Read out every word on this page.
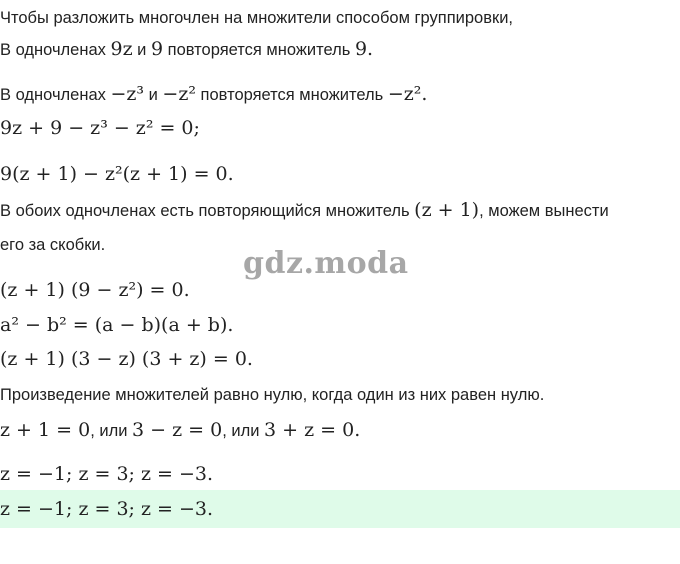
Чтобы разложить многочлен на множители способом группировки,
В одночленах 9z и 9 повторяется множитель 9.
В одночленах −z³ и −z² повторяется множитель −z².
9z + 9 − z³ − z² = 0;
9(z + 1) − z²(z + 1) = 0.
В обоих одночленах есть повторяющийся множитель (z + 1), можем вынести
его за скобки.
(z + 1) (9 − z²) = 0.
a² − b² = (a − b)(a + b).
(z + 1) (3 − z) (3 + z) = 0.
Произведение множителей равно нулю, когда один из них равен нулю.
z + 1 = 0, или 3 − z = 0, или 3 + z = 0.
z = −1; z = 3; z = −3.
gdz.moda
z = −1; z = 3; z = −3.
